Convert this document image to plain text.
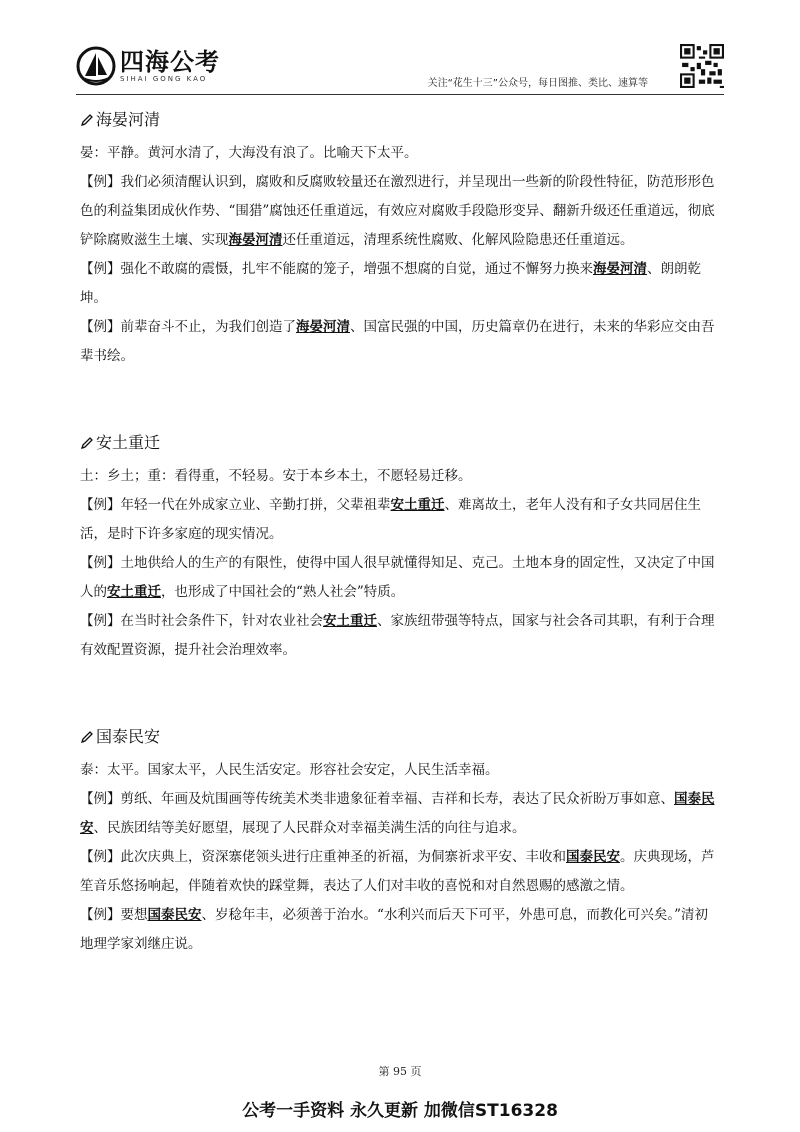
四海公考
SIHAI GONG KAO	关注“花生十三”公众号，每日图推、类比、速算等
海晏河清

晏：平静。黄河水清了，大海没有浪了。比喻天下太平。

【例】我们必须清醒认识到，腐败和反腐败较量还在激烈进行，并呈现出一些新的阶段性特征，防范形形色色的利益集团成伙作势、“围猎”腐蚀还任重道远，有效应对腐败手段隐形变异、翻新升级还任重道远，彻底铲除腐败滋生土壤、实现海晏河清还任重道远，清理系统性腐败、化解风险隐患还任重道远。

【例】强化不敢腐的震慑，扎牢不能腐的笼子，增强不想腐的自觉，通过不懈努力换来海晏河清、朗朗乾坤。

【例】前辈奋斗不止，为我们创造了海晏河清、国富民强的中国，历史篇章仍在进行，未来的华彩应交由吾辈书绘。

安土重迁

土：乡土；重：看得重，不轻易。安于本乡本土，不愿轻易迁移。

【例】年轻一代在外成家立业、辛勤打拼，父辈祖辈安土重迁、难离故土，老年人没有和子女共同居住生活，是时下许多家庭的现实情况。

【例】土地供给人的生产的有限性，使得中国人很早就懂得知足、克己。土地本身的固定性，又决定了中国人的安土重迁，也形成了中国社会的“熟人社会”特质。

【例】在当时社会条件下，针对农业社会安土重迁、家族纽带强等特点，国家与社会各司其职，有利于合理有效配置资源，提升社会治理效率。

国泰民安

泰：太平。国家太平，人民生活安定。形容社会安定，人民生活幸福。

【例】剪纸、年画及炕围画等传统美术类非遗象征着幸福、吉祥和长寿，表达了民众祈盼万事如意、国泰民安、民族团结等美好愿望，展现了人民群众对幸福美满生活的向往与追求。

【例】此次庆典上，资深寨佬领头进行庄重神圣的祈福，为侗寨祈求平安、丰收和国泰民安。庆典现场，芦笙音乐悠扬响起，伴随着欢快的踩堂舞，表达了人们对丰收的喜悦和对自然恩赐的感激之情。

【例】要想国泰民安、岁稔年丰，必须善于治水。“水利兴而后天下可平，外患可息，而教化可兴矣。”清初地理学家刘继庄说。

第 95 页
公考一手资料 永久更新 加微信ST16328
